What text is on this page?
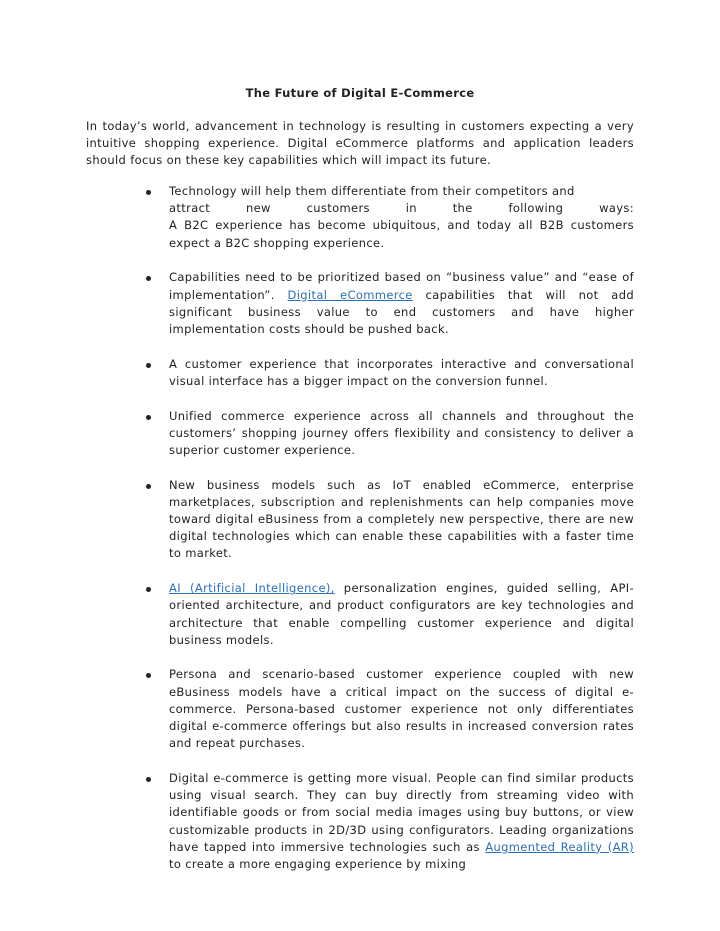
The Future of Digital E-Commerce

In today’s world, advancement in technology is resulting in customers expecting a very intuitive shopping experience. Digital eCommerce platforms and application leaders should focus on these key capabilities which will impact its future.

Technology will help them differentiate from their competitors and
attract new customers in the following ways:
A B2C experience has become ubiquitous, and today all B2B customers expect a B2C shopping experience.
Capabilities need to be prioritized based on “business value” and “ease of implementation”. Digital eCommerce capabilities that will not add significant business value to end customers and have higher implementation costs should be pushed back.
A customer experience that incorporates interactive and conversational visual interface has a bigger impact on the conversion funnel.
Unified commerce experience across all channels and throughout the customers’ shopping journey offers flexibility and consistency to deliver a superior customer experience.
New business models such as IoT enabled eCommerce, enterprise marketplaces, subscription and replenishments can help companies move toward digital eBusiness from a completely new perspective, there are new digital technologies which can enable these capabilities with a faster time to market.
AI (Artificial Intelligence), personalization engines, guided selling, API-oriented architecture, and product configurators are key technologies and architecture that enable compelling customer experience and digital business models.
Persona and scenario-based customer experience coupled with new eBusiness models have a critical impact on the success of digital e-commerce. Persona-based customer experience not only differentiates digital e-commerce offerings but also results in increased conversion rates and repeat purchases.
Digital e-commerce is getting more visual. People can find similar products using visual search. They can buy directly from streaming video with identifiable goods or from social media images using buy buttons, or view customizable products in 2D/3D using configurators. Leading organizations have tapped into immersive technologies such as Augmented Reality (AR) to create a more engaging experience by mixing
